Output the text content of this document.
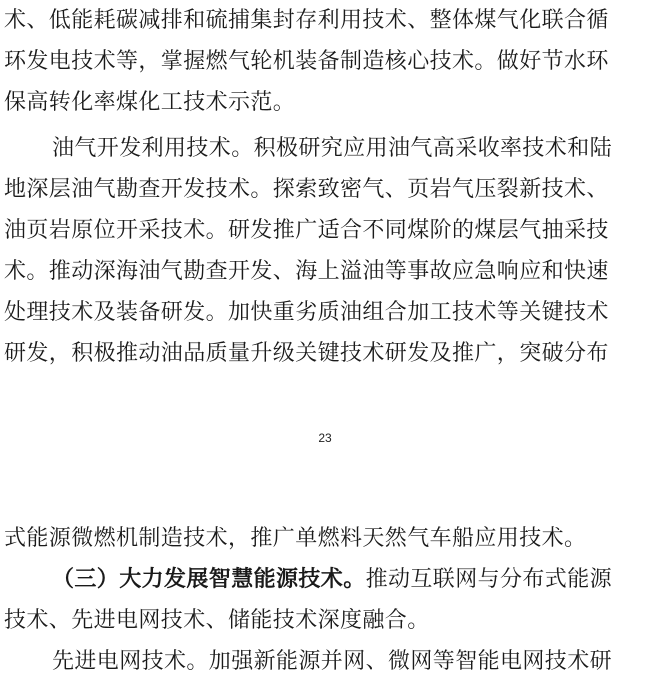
术、低能耗碳减排和硫捕集封存利用技术、整体煤气化联合循
环发电技术等，掌握燃气轮机装备制造核心技术。做好节水环
保高转化率煤化工技术示范。
油气开发利用技术。积极研究应用油气高采收率技术和陆
地深层油气勘查开发技术。探索致密气、页岩气压裂新技术、
油页岩原位开采技术。研发推广适合不同煤阶的煤层气抽采技
术。推动深海油气勘查开发、海上溢油等事故应急响应和快速
处理技术及装备研发。加快重劣质油组合加工技术等关键技术
研发，积极推动油品质量升级关键技术研发及推广，突破分布
23
式能源微燃机制造技术，推广单燃料天然气车船应用技术。
（三）大力发展智慧能源技术。推动互联网与分布式能源
技术、先进电网技术、储能技术深度融合。
先进电网技术。加强新能源并网、微网等智能电网技术研
